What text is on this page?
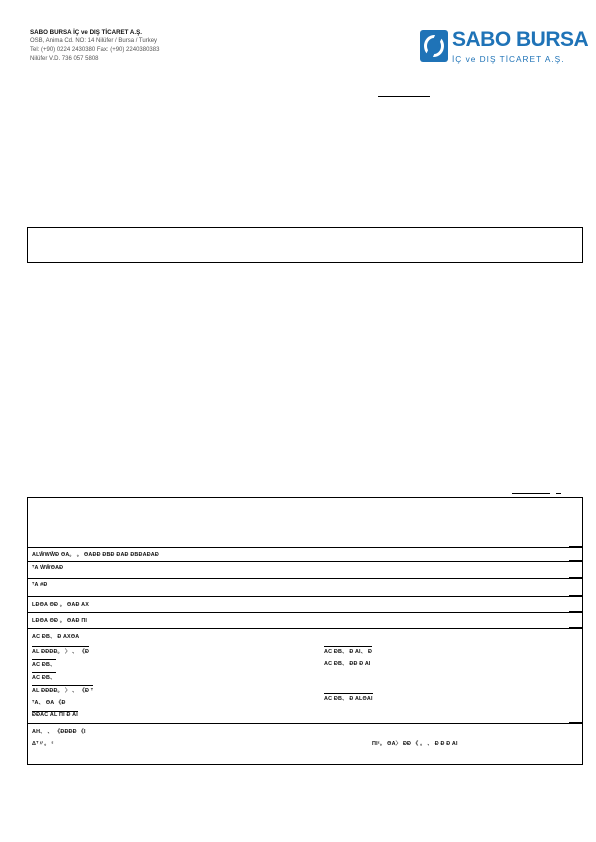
SABO BURSA İÇ ve DIŞ TİCARET A.Ş.
OSB, Anima Cd. NO: 14 Nilüfer / Bursa / Turkey
Tel: (+90) 0224 2430380 Fax: (+90) 2240380383
Nilüfer V.D. 736 057 5808
SABO BURSA
İÇ ve DIŞ TİCARET A.Ş.
ALW̄WW̄Ð ΘA。 。 ΘAÐÐ ÐBÐ ÐAÐ ÐBÐAÐAÐ
ᵀA ẀW̄ΘAÐ
ᵀA #Ð
LÐΘA ΘÐ 。 ΘAÐ AX
LÐΘA ΘÐ 。 ΘAÐ ΠI
AC ÐB、 Ð AXΘA
AL ÐÐÐÐ。 〉 、 《Ð
AC ÐB、
AC ÐB、
AL ÐÐÐÐ。 〉 、 《Ð ᵀ
ᵀA、 ΘA 《Ð
ÐÐAC AL ΠI Ð AI
AC ÐB、 Ð AI、 Ð
AC ÐB、 ÐÐ Ð AI
AC ÐB、 Ð ALΘAI
AH、 、 《ÐÐÐÐ 《I
Δᵀ〃。 ᵋ	ΠIᵋ。 ΘA〉 ÐÐ 《 。 、 Ð Ð Ð AI
